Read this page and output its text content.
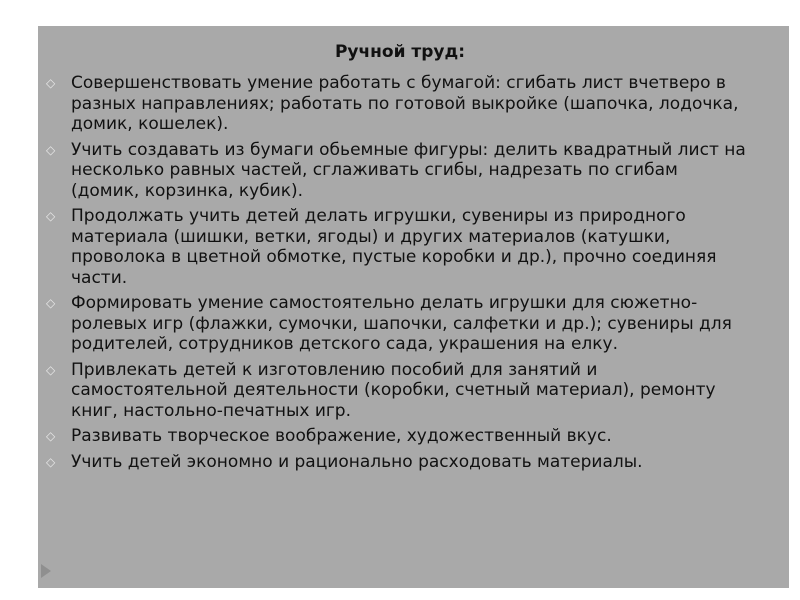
Ручной труд:
◇ Совершенствовать умение работать с бумагой: сгибать лист вчетверо в разных направлениях; работать по готовой выкройке (шапочка, лодочка, домик, кошелек).
◇ Учить создавать из бумаги обьемные фигуры: делить квадратный лист на несколько равных частей, сглаживать сгибы, надрезать по сгибам (домик, корзинка, кубик).
◇ Продолжать учить детей делать игрушки, сувениры из природного материала (шишки, ветки, ягоды) и других материалов (катушки, проволока в цветной обмотке, пустые коробки и др.), прочно соединяя части.
◇ Формировать умение самостоятельно делать игрушки для сюжетно-ролевых игр (флажки, сумочки, шапочки, салфетки и др.); сувениры для родителей, сотрудников детского сада, украшения на елку.
◇ Привлекать детей к изготовлению пособий для занятий и самостоятельной деятельности (коробки, счетный материал), ремонту книг, настольно-печатных игр.
◇ Развивать творческое воображение, художественный вкус.
◇ Учить детей экономно и рационально расходовать материалы.
